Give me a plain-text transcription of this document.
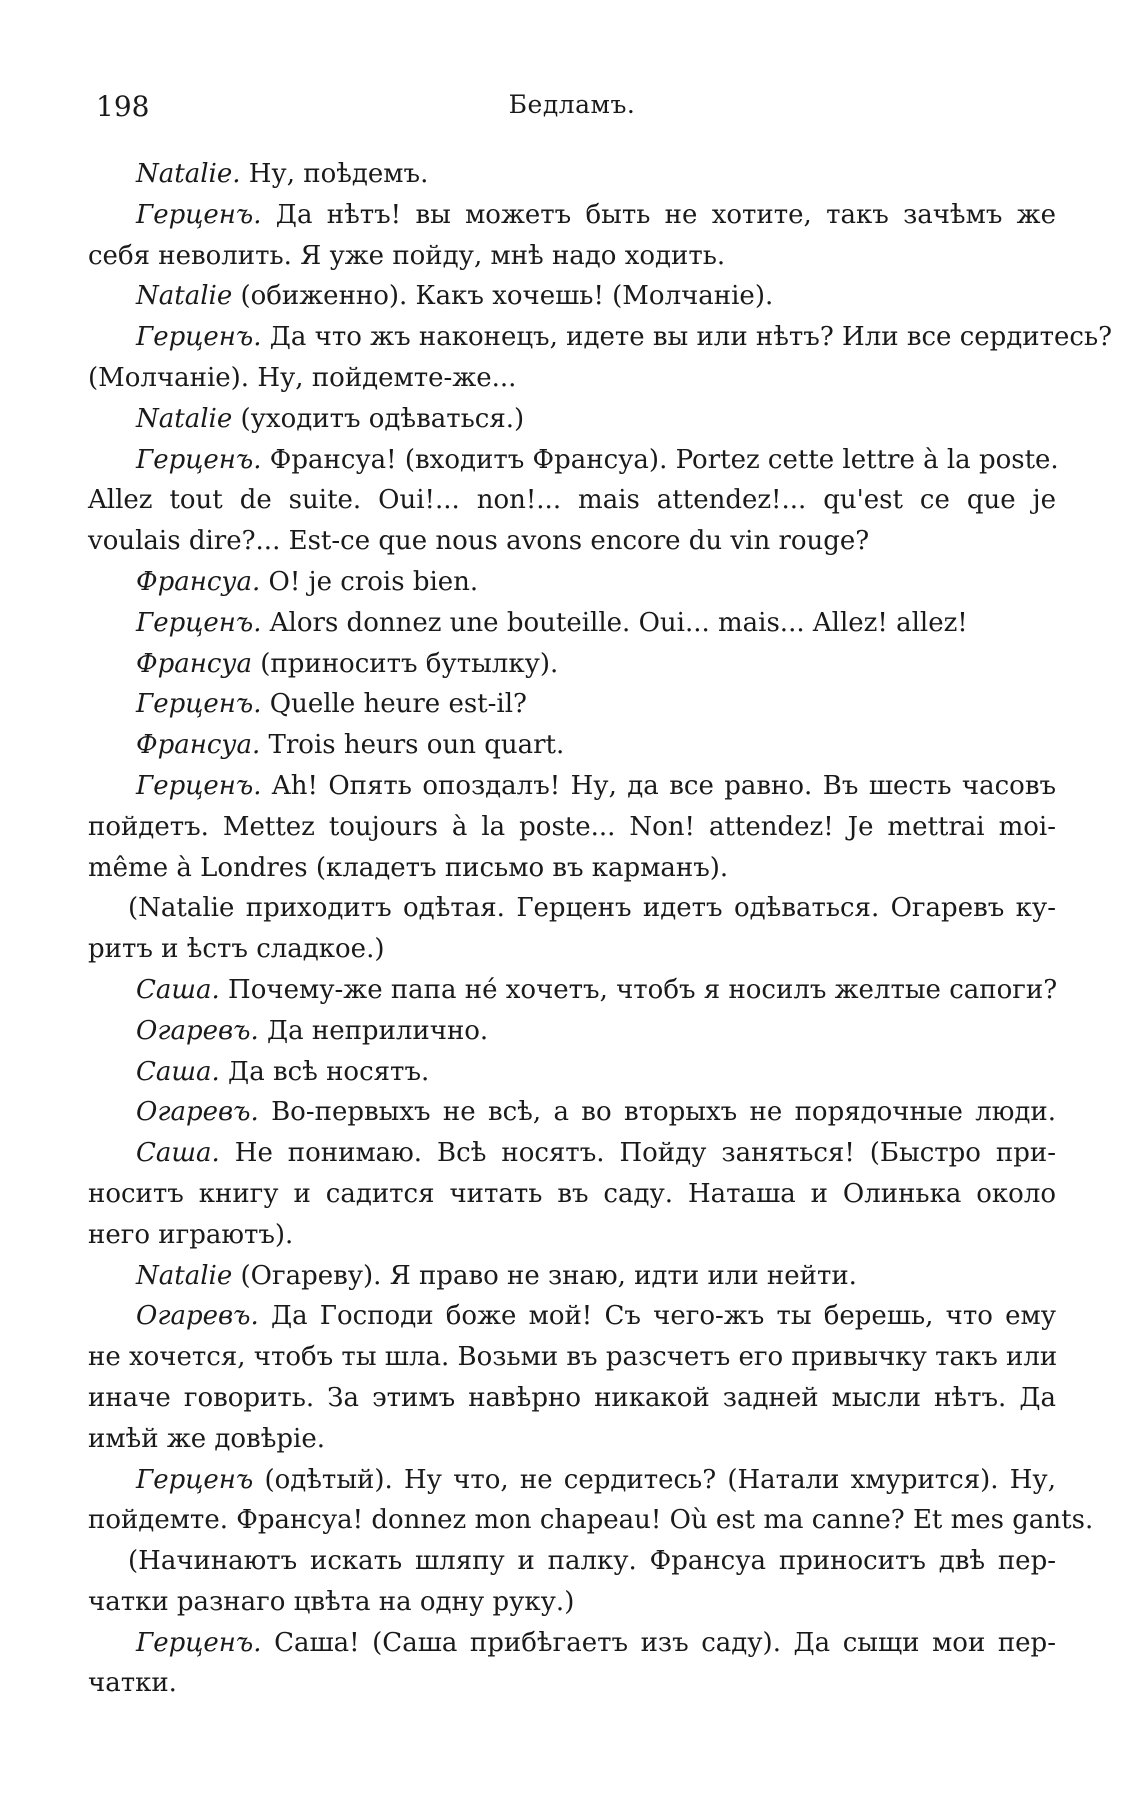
198	Бедламъ.
Natalie. Ну, поѣдемъ.
Герценъ. Да нѣтъ! вы можетъ быть не хотите, такъ зачѣмъ же
себя неволить. Я уже пойду, мнѣ надо ходить.
Natalie (обиженно). Какъ хочешь! (Молчаніе).
Герценъ. Да что жъ наконецъ, идете вы или нѣтъ? Или все сердитесь?
(Молчаніе). Ну, пойдемте-же...
Natalie (уходитъ одѣваться.)
Герценъ. Франсуа! (входитъ Франсуа). Portez cette lettre à la poste.
Allez tout de suite. Oui!... non!... mais attendez!... qu'est ce que je
voulais dire?... Est-ce que nous avons encore du vin rouge?
Франсуа. O! je crois bien.
Герценъ. Alors donnez une bouteille. Oui... mais... Allez! allez!
Франсуа (приноситъ бутылку).
Герценъ. Quelle heure est-il?
Франсуа. Trois heurs oun quart.
Герценъ. Ah! Опять опоздалъ! Ну, да все равно. Въ шесть часовъ
пойдетъ. Mettez toujours à la poste... Non! attendez! Je mettrai moi-
même à Londres (кладетъ письмо въ карманъ).
(Natalie приходитъ одѣтая. Герценъ идетъ одѣваться. Огаревъ ку-
ритъ и ѣстъ сладкое.)
Саша. Почему-же папа нé хочетъ, чтобъ я носилъ желтые сапоги?
Огаревъ. Да неприлично.
Саша. Да всѣ носятъ.
Огаревъ. Во-первыхъ не всѣ, а во вторыхъ не порядочные люди.
Саша. Не понимаю. Всѣ носятъ. Пойду заняться! (Быстро при-
носитъ книгу и садится читать въ саду. Наташа и Олинька около
него играютъ).
Natalie (Огареву). Я право не знаю, идти или нейти.
Огаревъ. Да Господи боже мой! Съ чего-жъ ты берешь, что ему
не хочется, чтобъ ты шла. Возьми въ разсчетъ его привычку такъ или
иначе говорить. За этимъ навѣрно никакой задней мысли нѣтъ. Да
имѣй же довѣріе.
Герценъ (одѣтый). Ну что, не сердитесь? (Натали хмурится). Ну,
пойдемте. Франсуа! donnez mon chapeau! Où est ma canne? Et mes gants.
(Начинаютъ искать шляпу и палку. Франсуа приноситъ двѣ пер-
чатки разнаго цвѣта на одну руку.)
Герценъ. Саша! (Саша прибѣгаетъ изъ саду). Да сыщи мои пер-
чатки.
